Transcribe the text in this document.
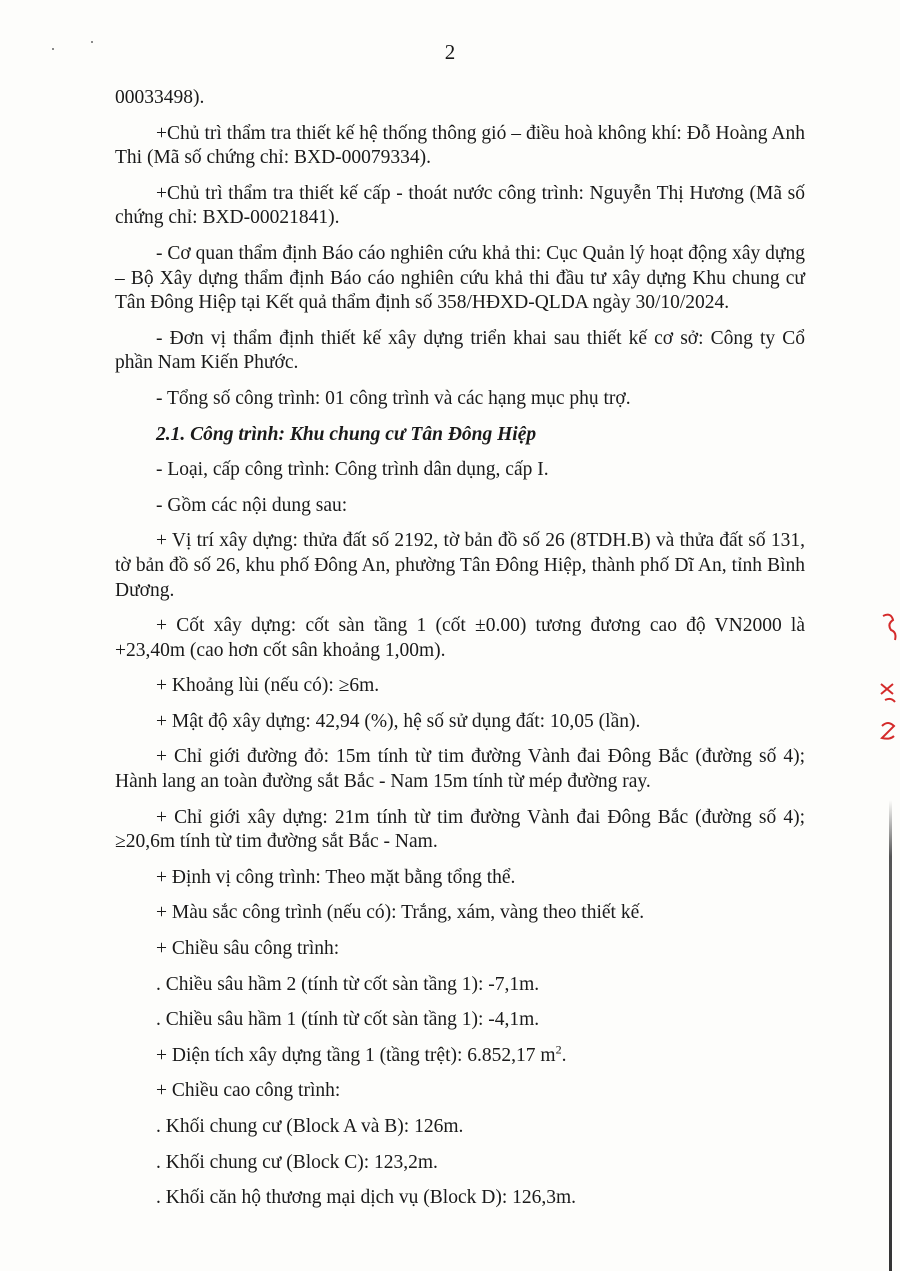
2

00033498).

+Chủ trì thẩm tra thiết kế hệ thống thông gió – điều hoà không khí: Đỗ Hoàng Anh Thi (Mã số chứng chỉ: BXD-00079334).

+Chủ trì thẩm tra thiết kế cấp - thoát nước công trình: Nguyễn Thị Hương (Mã số chứng chỉ: BXD-00021841).

- Cơ quan thẩm định Báo cáo nghiên cứu khả thi: Cục Quản lý hoạt động xây dựng – Bộ Xây dựng thẩm định Báo cáo nghiên cứu khả thi đầu tư xây dựng Khu chung cư Tân Đông Hiệp tại Kết quả thẩm định số 358/HĐXD-QLDA ngày 30/10/2024.

- Đơn vị thẩm định thiết kế xây dựng triển khai sau thiết kế cơ sở: Công ty Cổ phần Nam Kiến Phước.

- Tổng số công trình: 01 công trình và các hạng mục phụ trợ.

2.1. Công trình: Khu chung cư Tân Đông Hiệp

- Loại, cấp công trình: Công trình dân dụng, cấp I.

- Gồm các nội dung sau:

+ Vị trí xây dựng: thửa đất số 2192, tờ bản đồ số 26 (8TDH.B) và thửa đất số 131, tờ bản đồ số 26, khu phố Đông An, phường Tân Đông Hiệp, thành phố Dĩ An, tỉnh Bình Dương.

+ Cốt xây dựng: cốt sàn tầng 1 (cốt ±0.00) tương đương cao độ VN2000 là +23,40m (cao hơn cốt sân khoảng 1,00m).

+ Khoảng lùi (nếu có): ≥6m.

+ Mật độ xây dựng: 42,94 (%), hệ số sử dụng đất: 10,05 (lần).

+ Chỉ giới đường đỏ: 15m tính từ tim đường Vành đai Đông Bắc (đường số 4); Hành lang an toàn đường sắt Bắc - Nam 15m tính từ mép đường ray.

+ Chỉ giới xây dựng: 21m tính từ tim đường Vành đai Đông Bắc (đường số 4); ≥20,6m tính từ tim đường sắt Bắc - Nam.

+ Định vị công trình: Theo mặt bằng tổng thể.

+ Màu sắc công trình (nếu có): Trắng, xám, vàng theo thiết kế.

+ Chiều sâu công trình:

. Chiều sâu hầm 2 (tính từ cốt sàn tầng 1): -7,1m.

. Chiều sâu hầm 1 (tính từ cốt sàn tầng 1): -4,1m.

+ Diện tích xây dựng tầng 1 (tầng trệt): 6.852,17 $m^2$.

+ Chiều cao công trình:

. Khối chung cư (Block A và B): 126m.

. Khối chung cư (Block C): 123,2m.

. Khối căn hộ thương mại dịch vụ (Block D): 126,3m.
